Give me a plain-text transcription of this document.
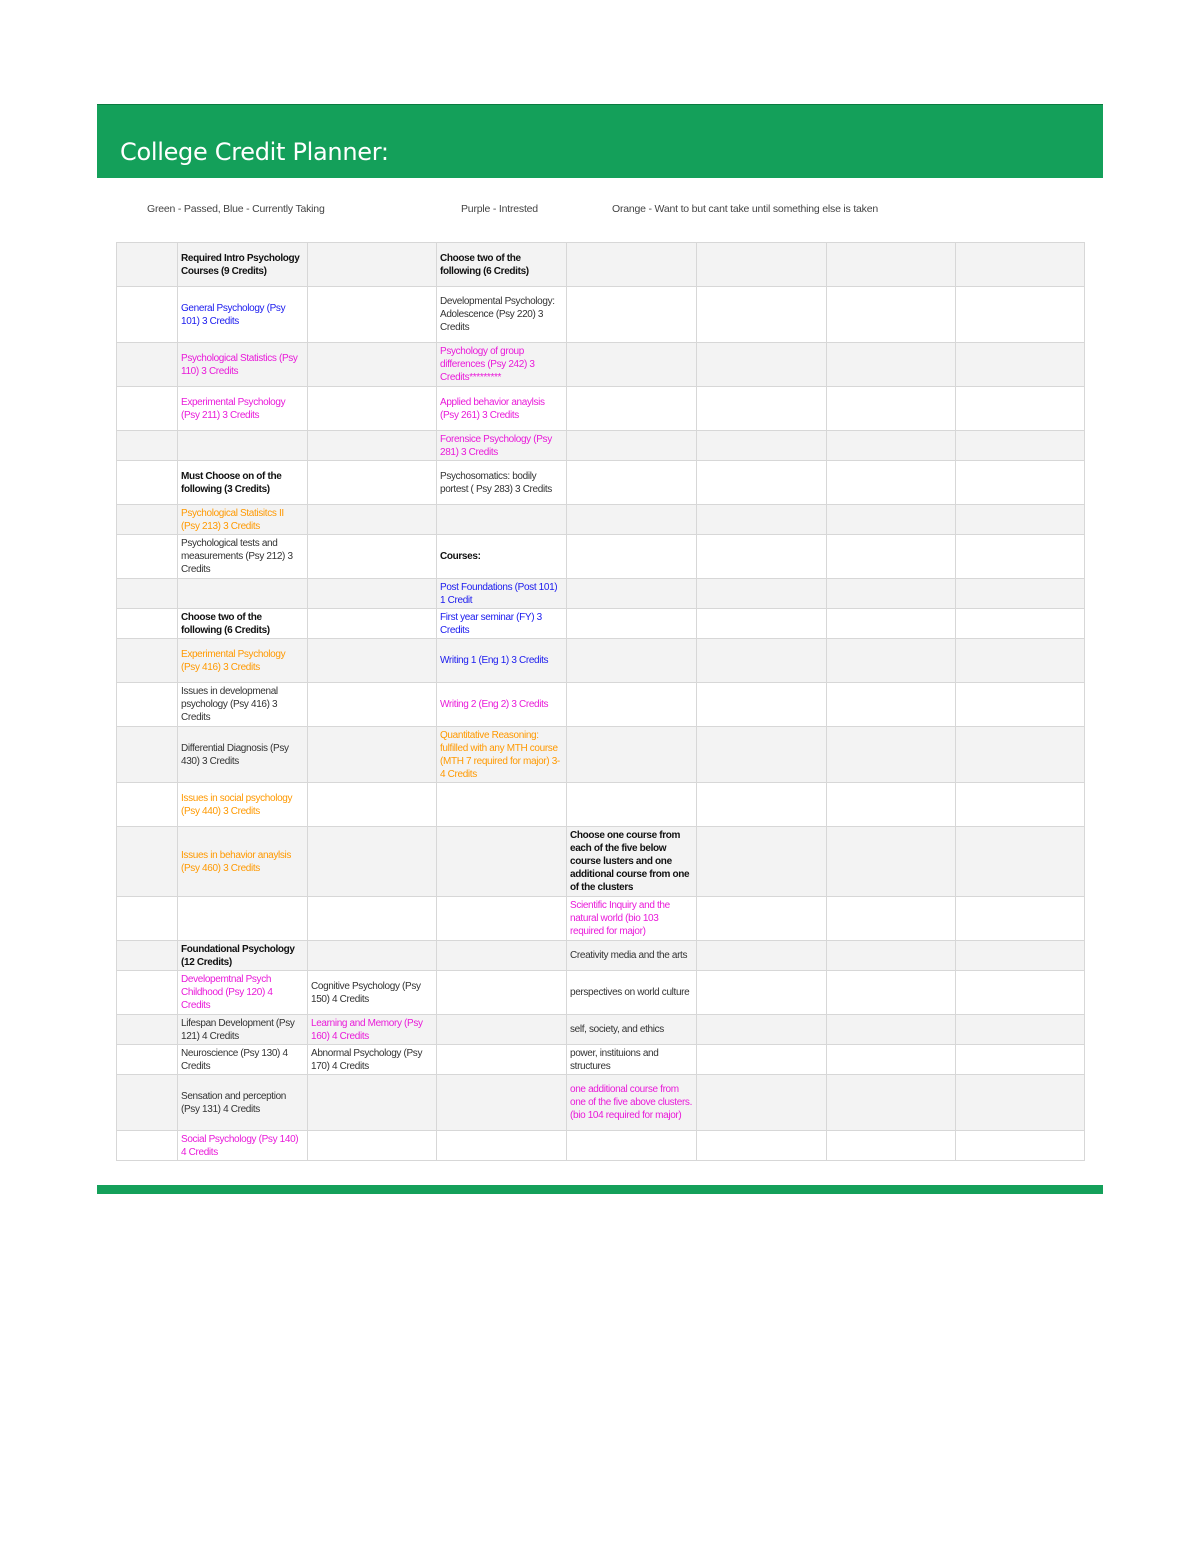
College Credit Planner:
Green - Passed, Blue - Currently Taking	Purple - Intrested	Orange - Want to but cant take until something else is taken
	Required Intro Psychology Courses (9 Credits)		Choose two of the following (6 Credits)				
	General Psychology (Psy 101) 3 Credits		Developmental Psychology: Adolescence (Psy 220) 3 Credits				
	Psychological Statistics (Psy 110) 3 Credits		Psychology of group differences (Psy 242) 3 Credits*********				
	Experimental Psychology (Psy 211) 3 Credits		Applied behavior anaylsis (Psy 261) 3 Credits				
			Forensice Psychology (Psy 281) 3 Credits				
	Must Choose on of the following (3 Credits)		Psychosomatics: bodily portest ( Psy 283) 3 Credits				
	Psychological Statisitcs II (Psy 213) 3 Credits						
	Psychological tests and measurements (Psy 212) 3 Credits		Courses:				
			Post Foundations (Post 101) 1 Credit				
	Choose two of the following (6 Credits)		First year seminar (FY) 3 Credits				
	Experimental Psychology (Psy 416) 3 Credits		Writing 1 (Eng 1) 3 Credits				
	Issues in developmenal psychology (Psy 416) 3 Credits		Writing 2 (Eng 2) 3 Credits				
	Differential Diagnosis (Psy 430) 3 Credits		Quantitative Reasoning: fulfilled with any MTH course (MTH 7 required for major) 3-4 Credits				
	Issues in social psychology (Psy 440) 3 Credits						
	Issues in behavior anaylsis (Psy 460) 3 Credits			Choose one course from each of the five below course lusters and one additional course from one of the clusters			
				Scientific Inquiry and the natural world (bio 103 required for major)			
	Foundational Psychology (12 Credits)			Creativity media and the arts			
	Developemtnal Psych Childhood (Psy 120) 4 Credits	Cognitive Psychology (Psy 150) 4 Credits		perspectives on world culture			
	Lifespan Development (Psy 121) 4 Credits	Learning and Memory (Psy 160) 4 Credits		self, society, and ethics			
	Neuroscience (Psy 130) 4 Credits	Abnormal Psychology (Psy 170) 4 Credits		power, instituions and structures			
	Sensation and perception (Psy 131) 4 Credits			one additional course from one of the five above clusters. (bio 104 required for major)			
	Social Psychology (Psy 140) 4 Credits						
